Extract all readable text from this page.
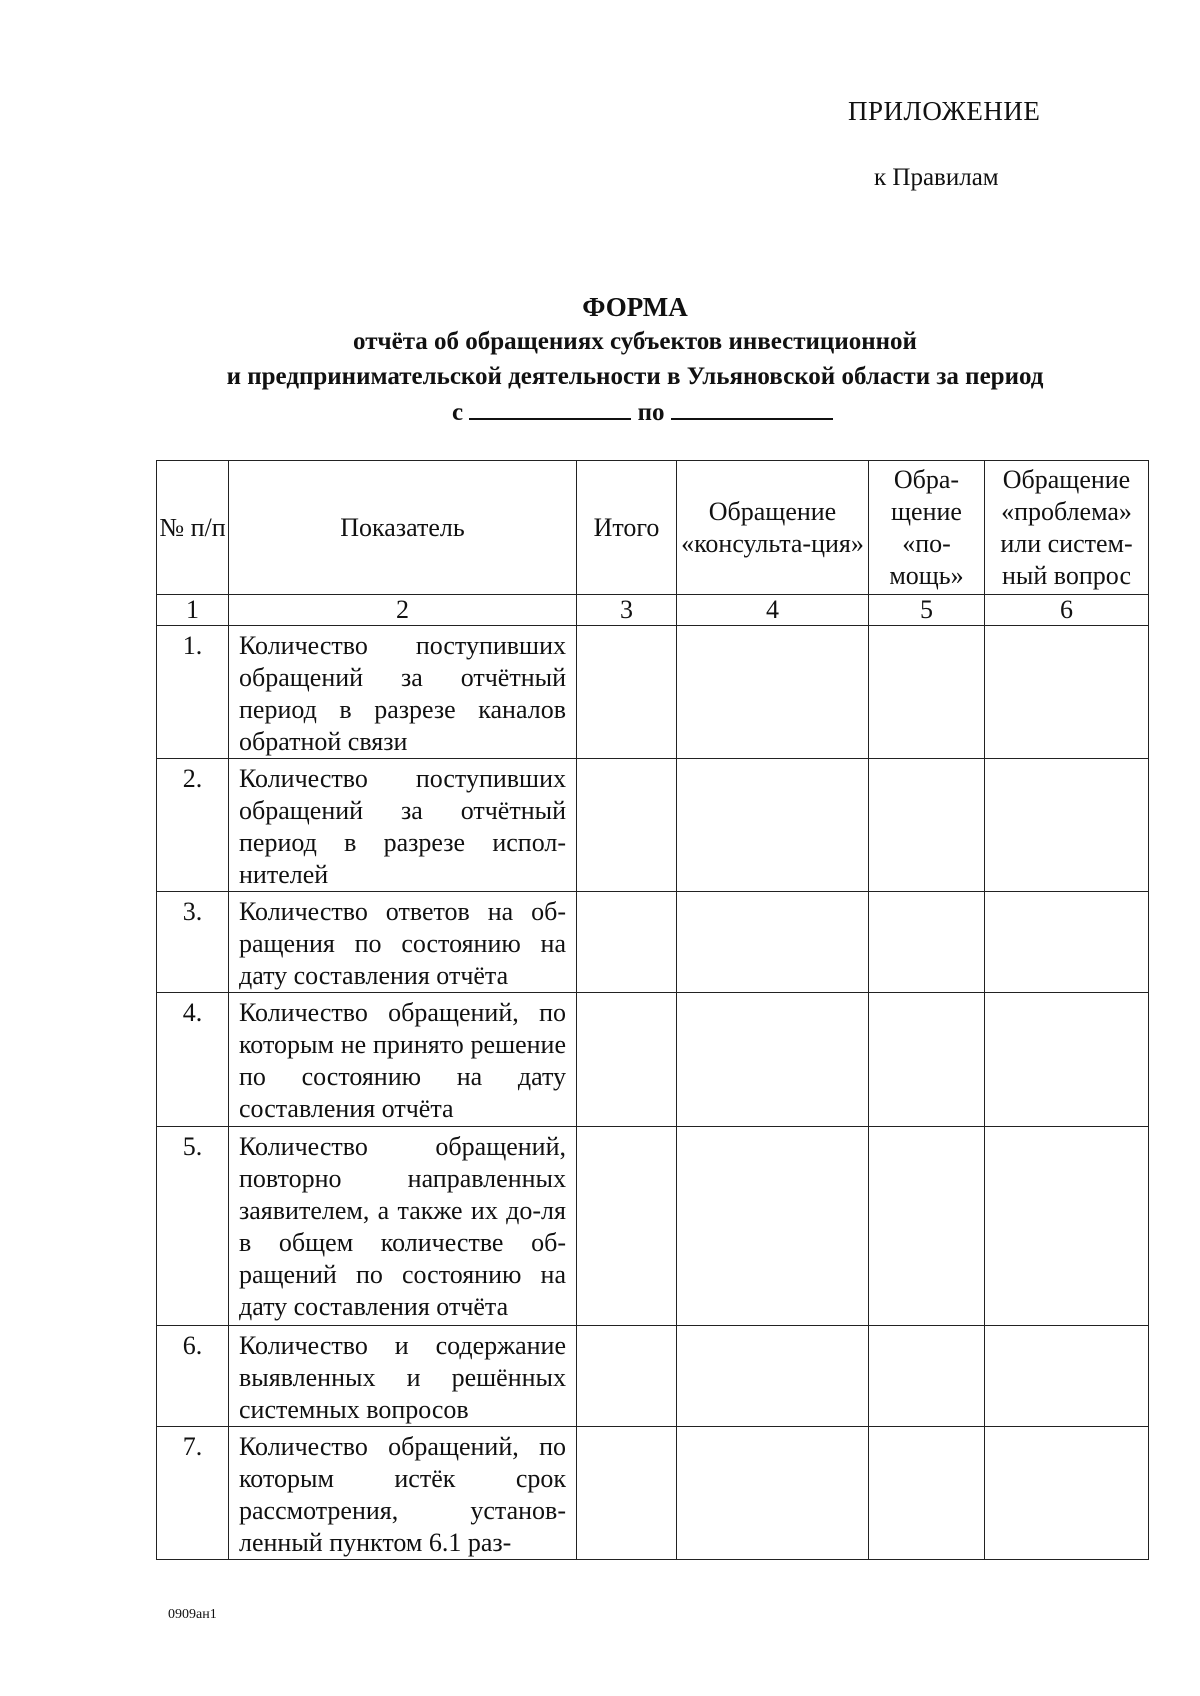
ПРИЛОЖЕНИЕ
к Правилам
ФОРМА
отчёта об обращениях субъектов инвестиционной
и предпринимательской деятельности в Ульяновской области за период
с	по
№ п/п	Показатель	Итого	Обращение «консульта-ция»	Обра-щение «по-мощь»	Обращение «проблема» или систем-ный вопрос
1	2	3	4	5	6
1.	Количество поступивших обращений за отчётный период в разрезе каналов обратной связи				
2.	Количество поступивших обращений за отчётный период в разрезе испол-нителей				
3.	Количество ответов на об-ращения по состоянию на дату составления отчёта				
4.	Количество обращений, по которым не принято решение по состоянию на дату составления отчёта				
5.	Количество обращений, повторно направленных заявителем, а также их до-ля в общем количестве об-ращений по состоянию на дату составления отчёта				
6.	Количество и содержание выявленных и решённых системных вопросов				
7.	Количество обращений, по которым истёк срок рассмотрения, установ-ленный пунктом 6.1 раз-				
0909ан1
